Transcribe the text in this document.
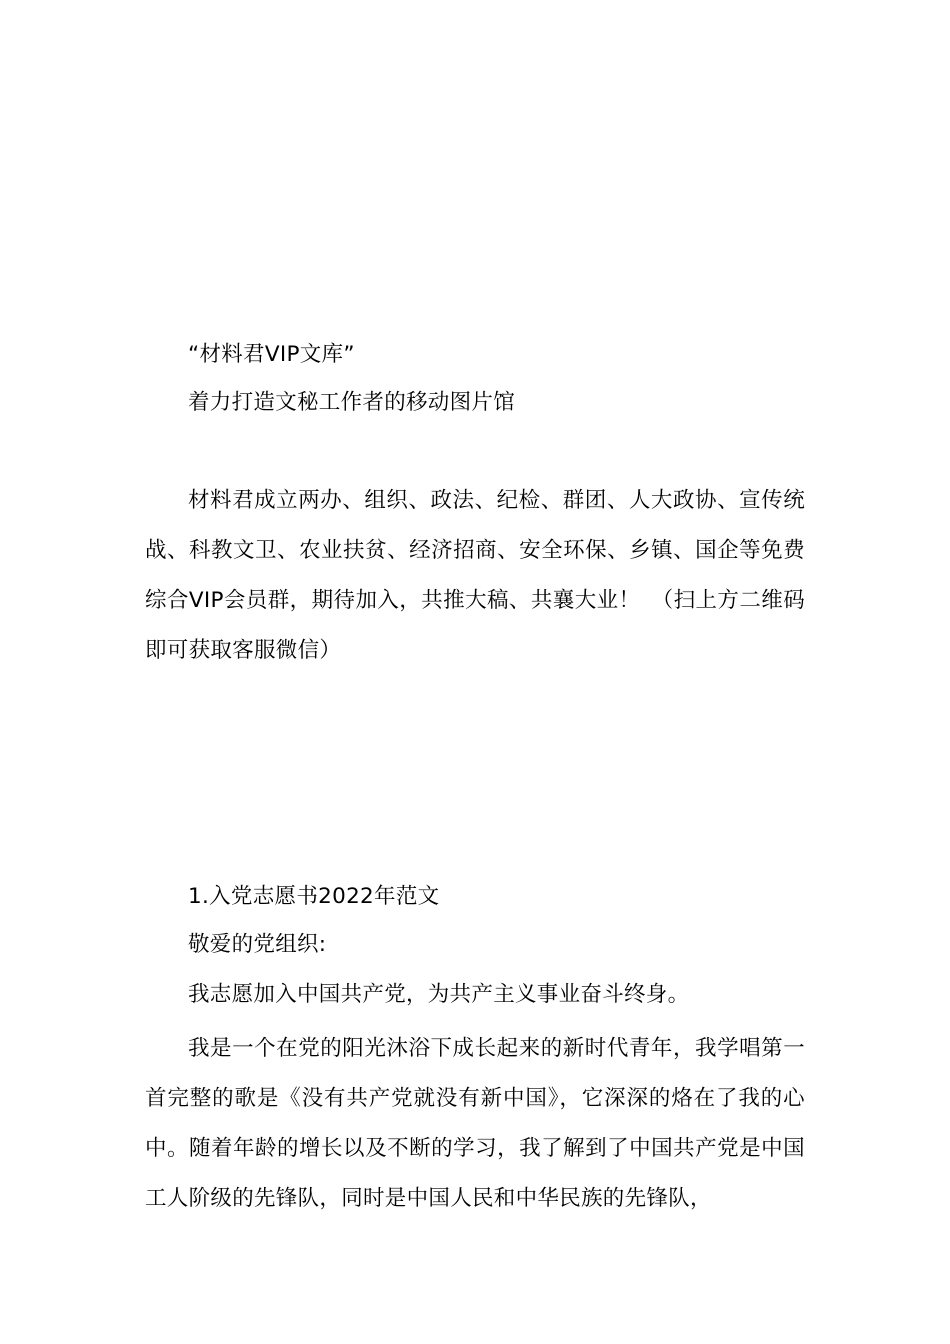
“材料君VIP文库”

着力打造文秘工作者的移动图片馆

材料君成立两办、组织、政法、纪检、群团、人大政协、宣传统战、科教文卫、农业扶贫、经济招商、安全环保、乡镇、国企等免费综合VIP会员群，期待加入，共推大稿、共襄大业！　（扫上方二维码即可获取客服微信）

1.入党志愿书2022年范文

敬爱的党组织:

我志愿加入中国共产党，为共产主义事业奋斗终身。

我是一个在党的阳光沐浴下成长起来的新时代青年，我学唱第一首完整的歌是《没有共产党就没有新中国》，它深深的烙在了我的心中。随着年龄的增长以及不断的学习，我了解到了中国共产党是中国工人阶级的先锋队，同时是中国人民和中华民族的先锋队，
